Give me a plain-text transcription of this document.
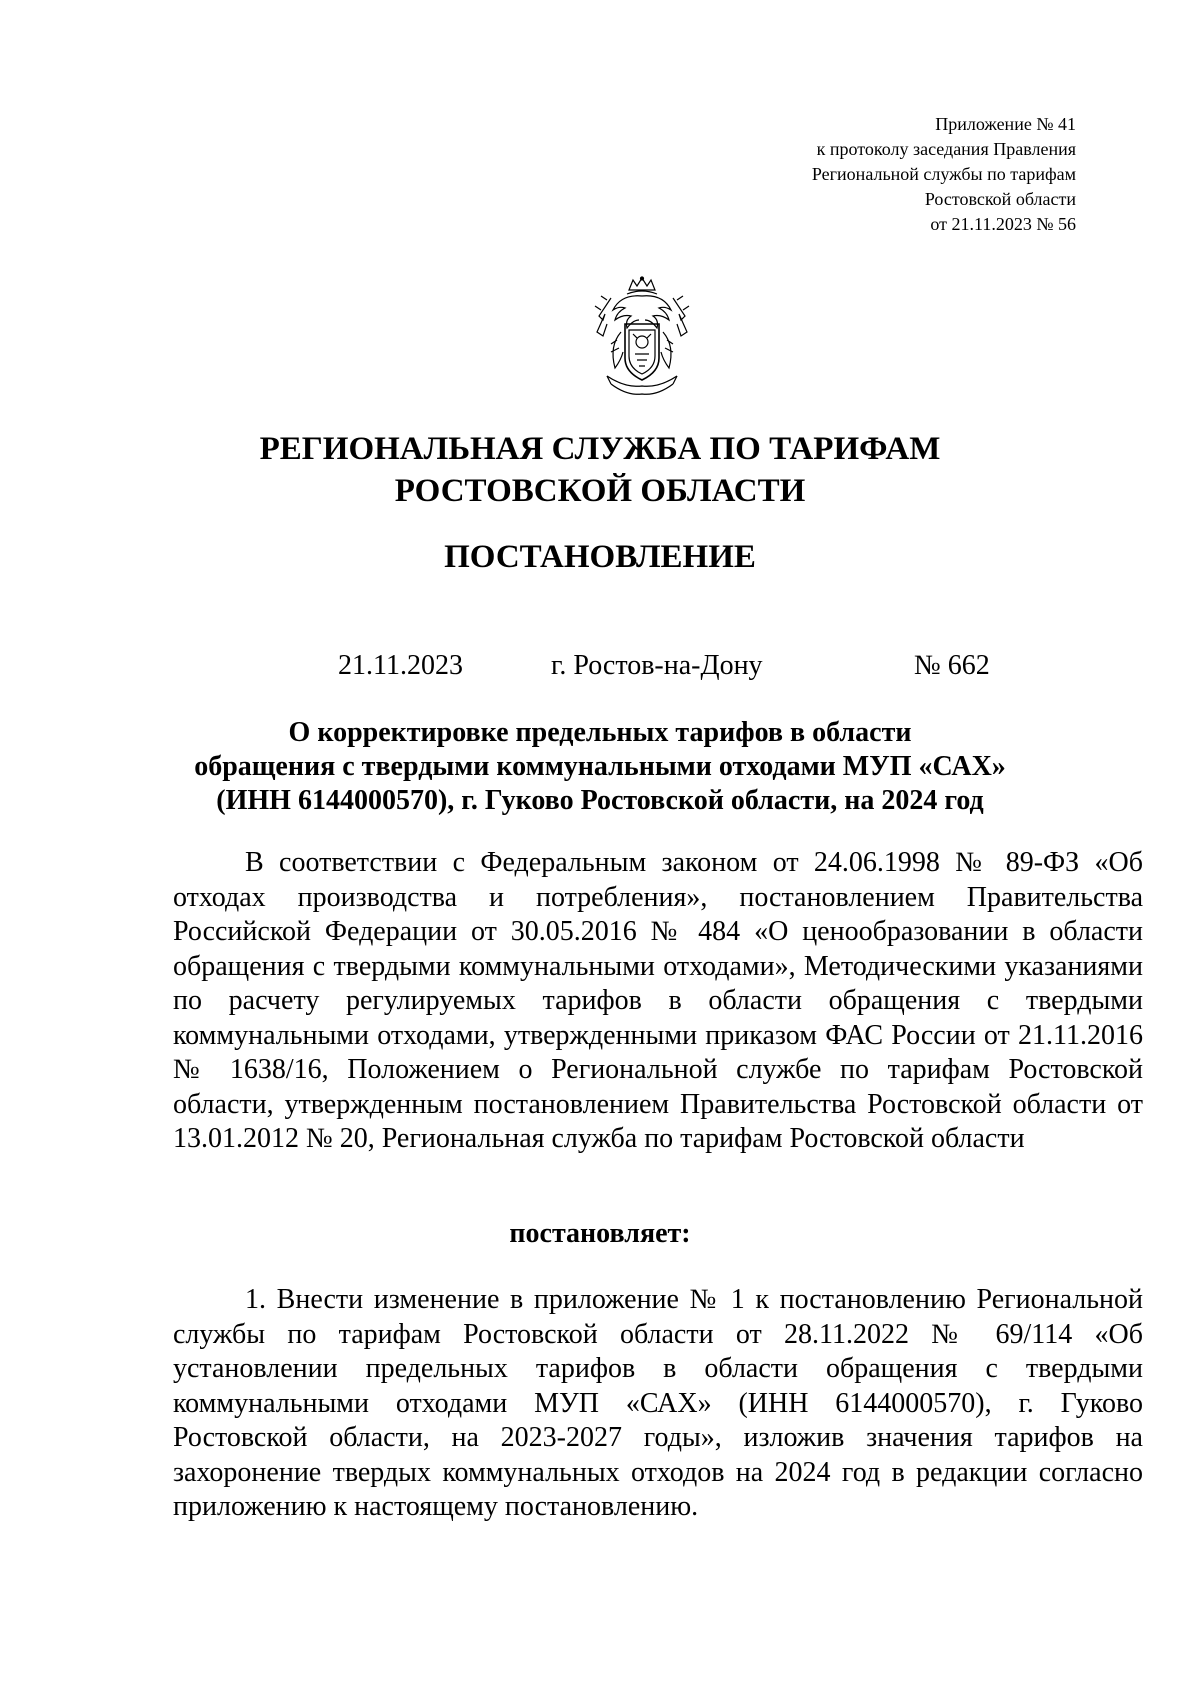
Приложение № 41
к протоколу заседания Правления
Региональной службы по тарифам
Ростовской области
от 21.11.2023 № 56
РЕГИОНАЛЬНАЯ СЛУЖБА ПО ТАРИФАМ
РОСТОВСКОЙ ОБЛАСТИ
ПОСТАНОВЛЕНИЕ
21.11.2023	г. Ростов-на-Дону	№ 662
О корректировке предельных тарифов в области
обращения с твердыми коммунальными отходами МУП «САХ»
(ИНН 6144000570), г. Гуково Ростовской области, на 2024 год
В соответствии с Федеральным законом от 24.06.1998 № 89-ФЗ «Об отходах производства и потребления», постановлением Правительства Российской Федерации от 30.05.2016 № 484 «О ценообразовании в области обращения с твердыми коммунальными отходами», Методическими указаниями по расчету регулируемых тарифов в области обращения с твердыми коммунальными отходами, утвержденными приказом ФАС России от 21.11.2016 № 1638/16, Положением о Региональной службе по тарифам Ростовской области, утвержденным постановлением Правительства Ростовской области от 13.01.2012 № 20, Региональная служба по тарифам Ростовской области
постановляет:
1. Внести изменение в приложение № 1 к постановлению Региональной службы по тарифам Ростовской области от 28.11.2022 № 69/114 «Об установлении предельных тарифов в области обращения с твердыми коммунальными отходами МУП «САХ» (ИНН 6144000570), г. Гуково Ростовской области, на 2023-2027 годы», изложив значения тарифов на захоронение твердых коммунальных отходов на 2024 год в редакции согласно приложению к настоящему постановлению.
